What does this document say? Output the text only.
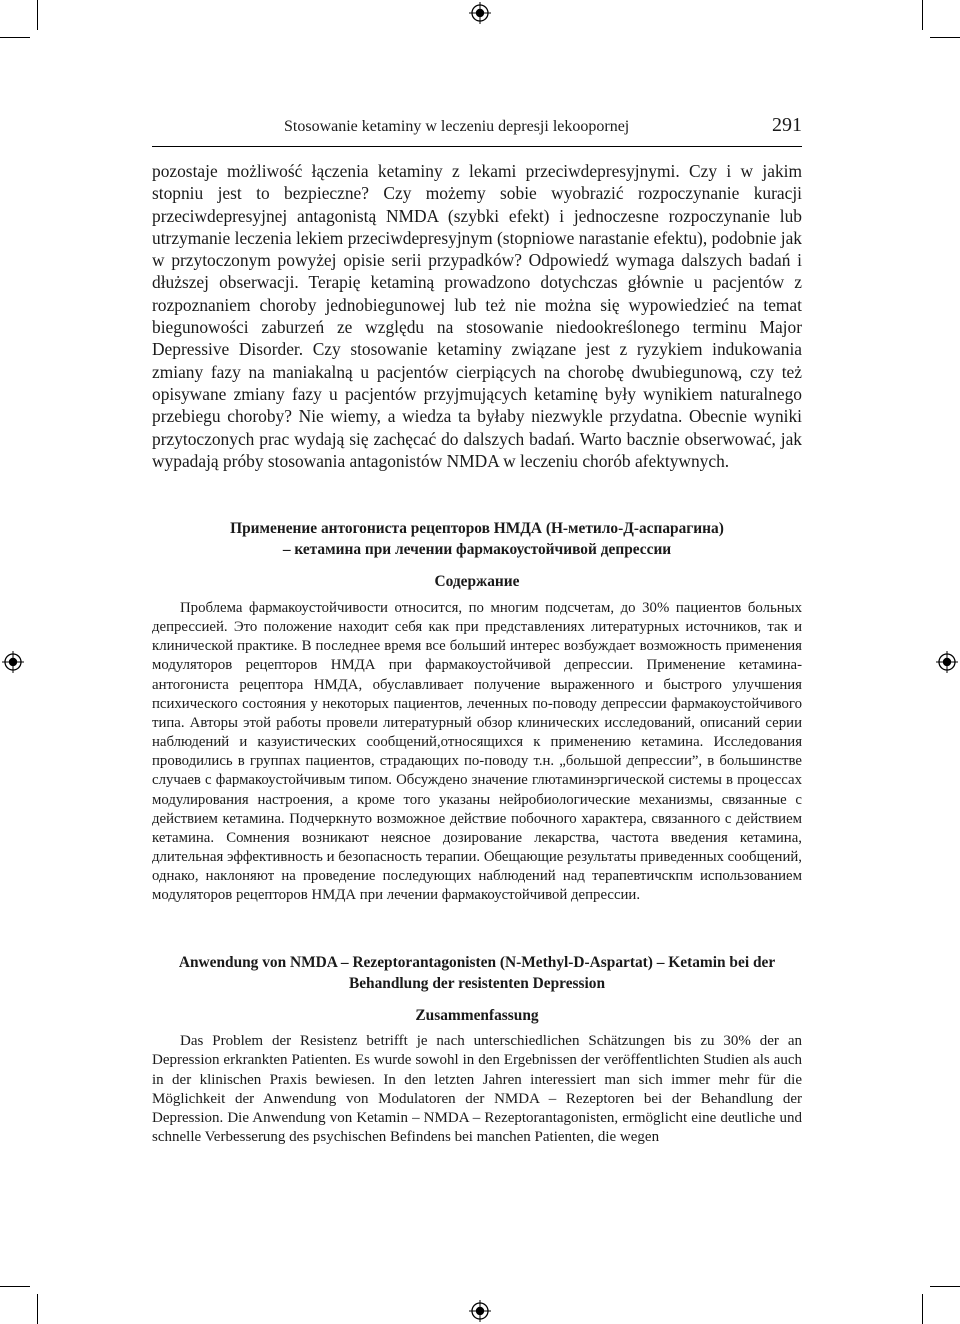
Stosowanie ketaminy w leczeniu depresji lekoopornej	291

pozostaje możliwość łączenia ketaminy z lekami przeciwdepresyjnymi. Czy i w jakim stopniu jest to bezpieczne? Czy możemy sobie wyobrazić rozpoczynanie kuracji przeciwdepresyjnej antagonistą NMDA (szybki efekt) i jednoczesne rozpoczynanie lub utrzymanie leczenia lekiem przeciwdepresyjnym (stopniowe narastanie efektu), podobnie jak w przytoczonym powyżej opisie serii przypadków? Odpowiedź wymaga dalszych badań i dłuższej obserwacji. Terapię ketaminą prowadzono dotychczas głównie u pacjentów z rozpoznaniem choroby jednobiegunowej lub też nie można się wypowiedzieć na temat biegunowości zaburzeń ze względu na stosowanie niedookreślonego terminu Major Depressive Disorder. Czy stosowanie ketaminy związane jest z ryzykiem indukowania zmiany fazy na maniakalną u pacjentów cierpiących na chorobę dwubiegunową, czy też opisywane zmiany fazy u pacjentów przyjmujących ketaminę były wynikiem naturalnego przebiegu choroby? Nie wiemy, a wiedza ta byłaby niezwykle przydatna. Obecnie wyniki przytoczonych prac wydają się zachęcać do dalszych badań. Warto bacznie obserwować, jak wypadają próby stosowania antagonistów NMDA w leczeniu chorób afektywnych.

Применение антогониста рецепторов НМДА (Н-метило-Д-аспарагина)
– кетамина при лечении фармакоустойчивой депрессии

Содержание

Проблема фармакоустойчивости относится, по многим подсчетам, до 30% пациентов больных депрессией. Это положение находит себя как при представлениях литературных источников, так и клинической практике. В последнее время все больший интерес возбуждает возможность применения модуляторов рецепторов НМДА при фармакоустойчивой депрессии. Применение кетамина-антогониста рецептора НМДА, обуславливает получение выраженного и быстрого улучшения психического состояния у некоторых пациентов, леченных по-поводу депрессии фармакоустойчивого типа. Авторы этой работы провели литературный обзор клинических исследований, описаний серии наблюдений и казуистических сообщений,относящихся к применению кетамина. Исследования проводились в группах пациентов, страдающих по-поводу т.н. „большой депрессии”, в большинстве случаев с фармакоустойчивым типом. Обсуждено значение глютаминэргической системы в процессах модулирования настроения, а кроме того указаны нейробиологические механизмы, связанные с действием кетамина. Подчеркнуто возможное действие побочного характера, связанного с действием кетамина. Сомнения возникают неясное дозирование лекарства, частота введения кетамина, длительная эффективность и безопасность терапии. Обещающие результаты приведенных сообщений, однако, наклоняют на проведение последующих наблюдений над терапевтичскпм использованием модуляторов рецепторов НМДА при лечении фармакоустойчивой депрессии.

Anwendung von NMDA – Rezeptorantagonisten (N-Methyl-D-Aspartat) – Ketamin bei der
Behandlung der resistenten Depression

Zusammenfassung

Das Problem der Resistenz betrifft je nach unterschiedlichen Schätzungen bis zu 30% der an Depression erkrankten Patienten. Es wurde sowohl in den Ergebnissen der veröffentlichten Studien als auch in der klinischen Praxis bewiesen. In den letzten Jahren interessiert man sich immer mehr für die Möglichkeit der Anwendung von Modulatoren der NMDA – Rezeptoren bei der Behandlung der Depression. Die Anwendung von Ketamin – NMDA – Rezeptorantagonisten, ermöglicht eine deutliche und schnelle Verbesserung des psychischen Befindens bei manchen Patienten, die wegen
